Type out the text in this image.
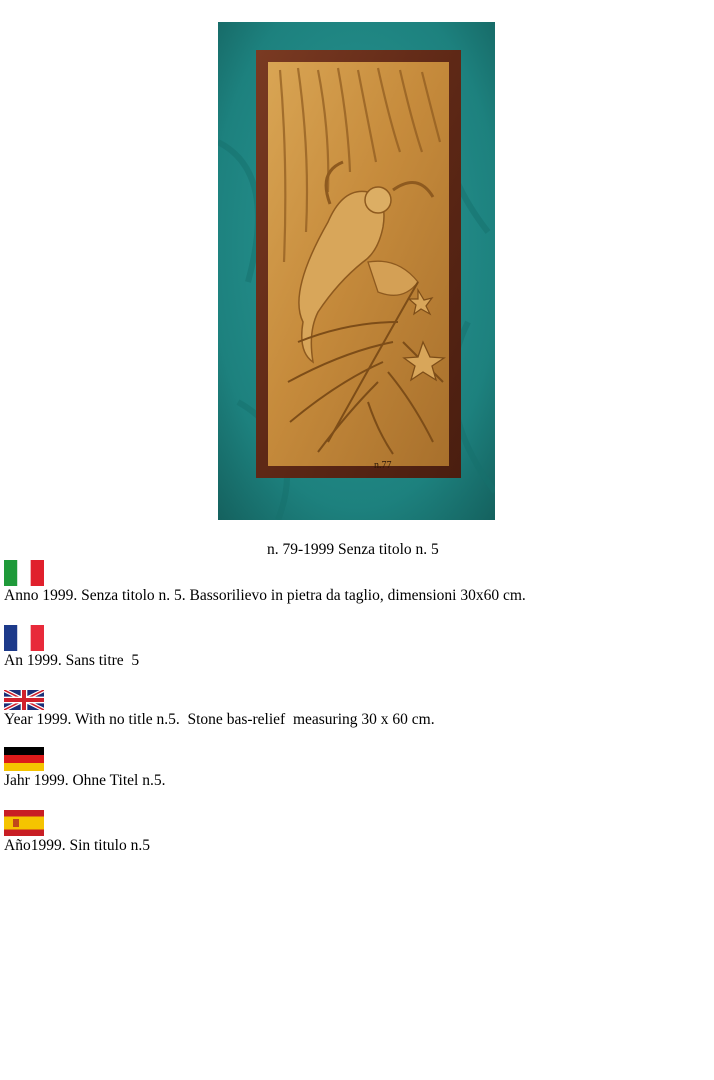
n.77
n. 79-1999 Senza titolo n. 5
Anno 1999. Senza titolo n. 5. Bassorilievo in pietra da taglio, dimensioni 30x60 cm.
An 1999. Sans titre  5
Year 1999. With no title n.5.  Stone bas-relief  measuring 30 x 60 cm.
Jahr 1999. Ohne Titel n.5.
Año1999. Sin titulo n.5
